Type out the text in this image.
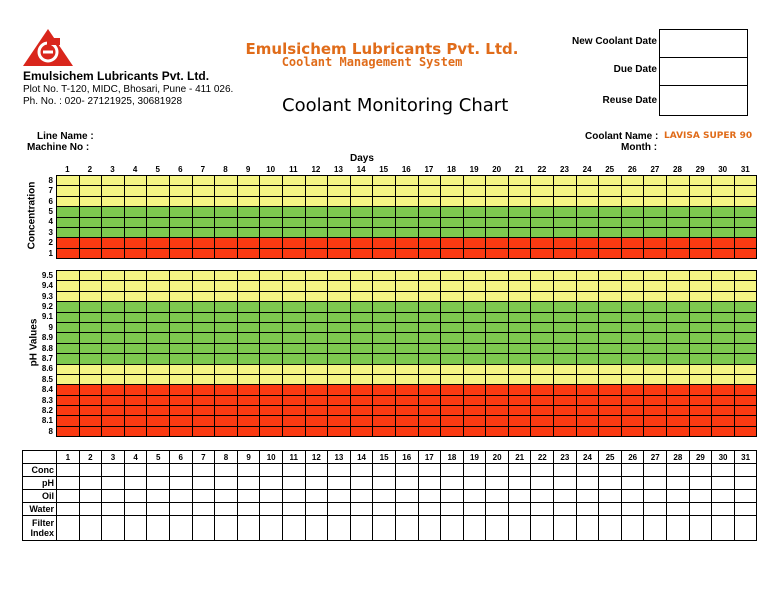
Emulsichem Lubricants Pvt. Ltd.
Plot No. T-120, MIDC, Bhosari, Pune - 411 026.
Ph. No. : 020- 27121925, 30681928
Emulsichem Lubricants Pvt. Ltd.
Coolant Management System
Coolant Monitoring Chart
New Coolant Date
Due Date
Reuse Date
Line Name :
Machine No :
Coolant Name : LAVISA SUPER 90
Month :
Days
1	2	3	4	5	6	7	8	9	10	11	12	13	14	15	16	17	18	19	20	21	22	23	24	25	26	27	28	29	30	31
Concentration
8
7
6
5
4
3
2
1

pH Values
9.5
9.4
9.3
9.2
9.1
9
8.9
8.8
8.7
8.6
8.5
8.4
8.3
8.2
8.1
8

	1	2	3	4	5	6	7	8	9	10	11	12	13	14	15	16	17	18	19	20	21	22	23	24	25	26	27	28	29	30	31
Conc																															
pH																															
Oil																															
Water																															
Filter Index																															
